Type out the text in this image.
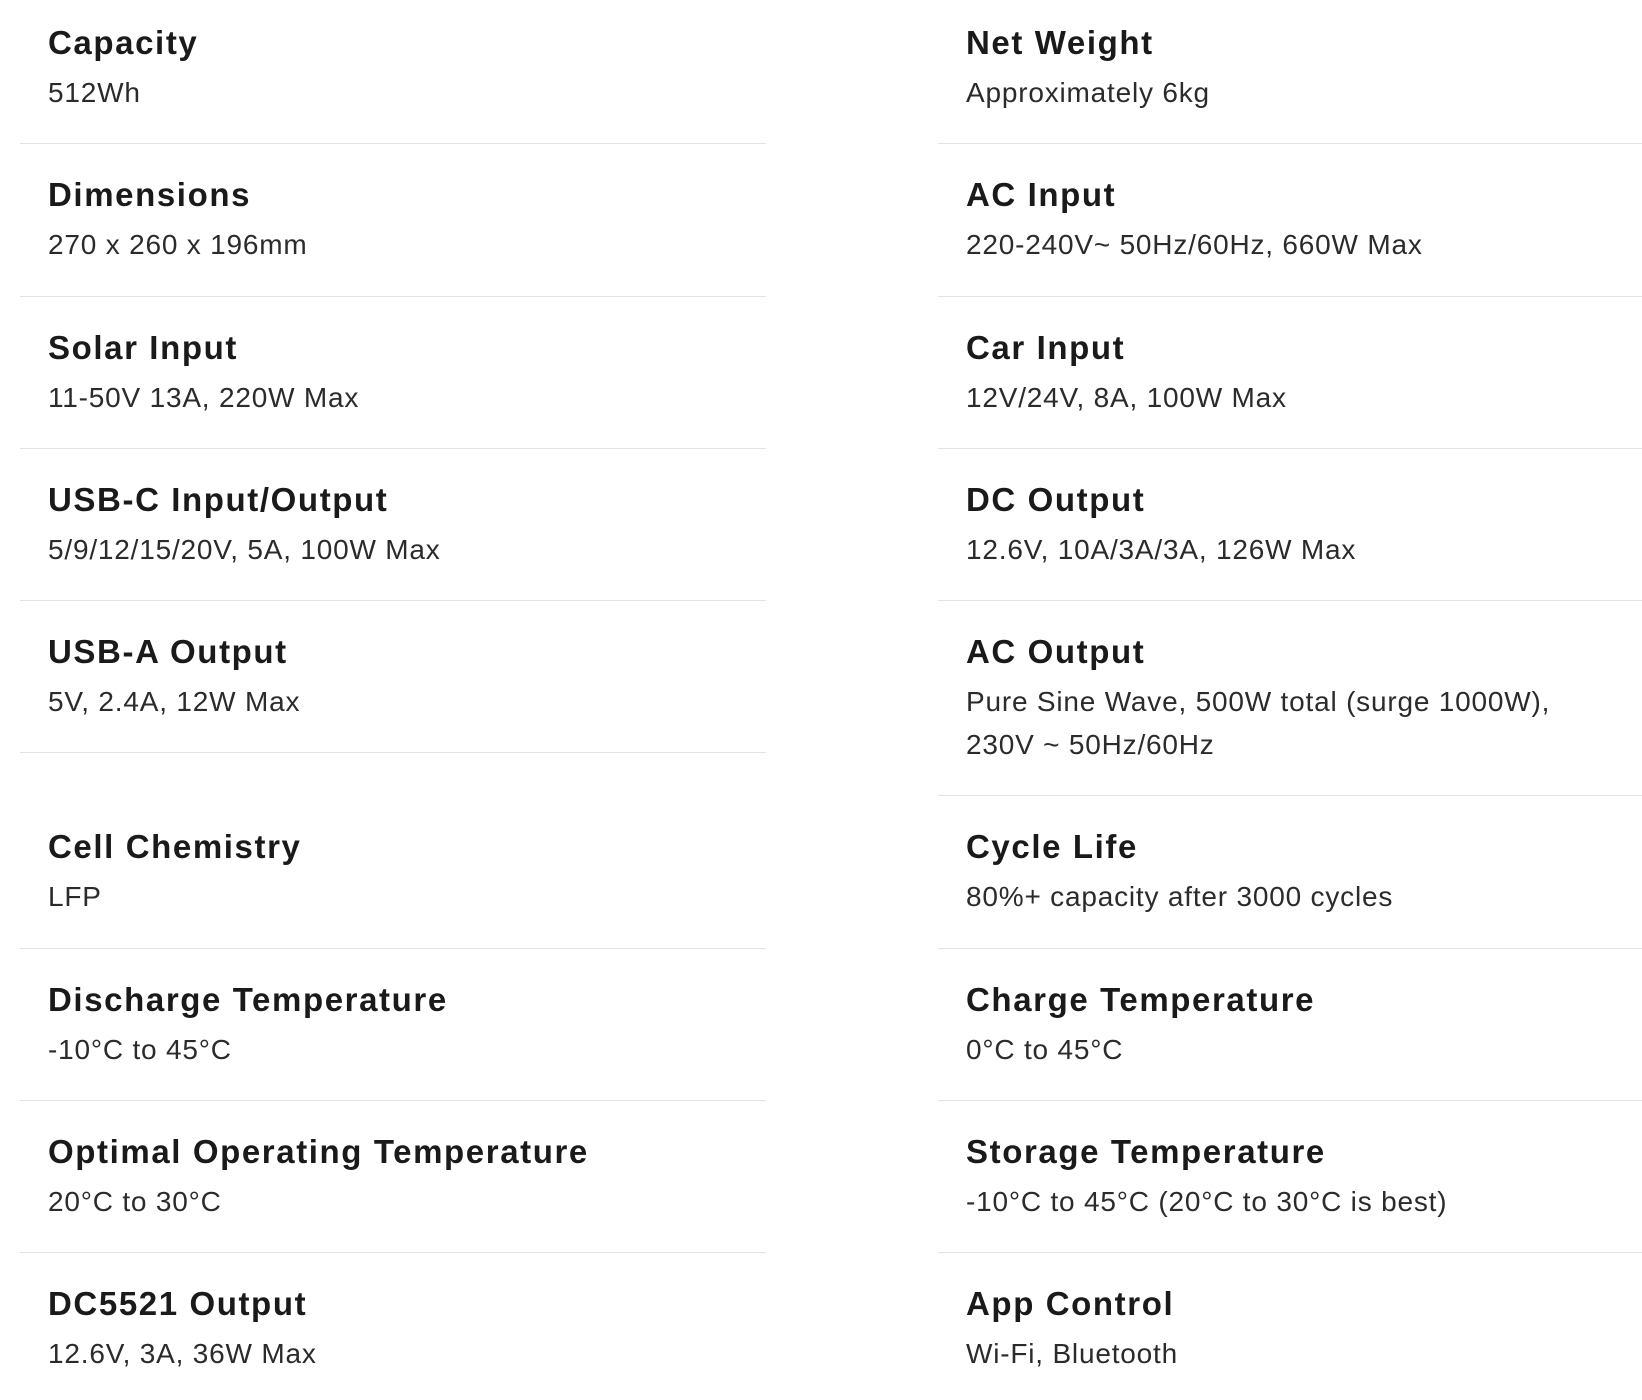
Capacity
512Wh
Dimensions
270 x 260 x 196mm
Solar Input
11-50V 13A, 220W Max
USB-C Input/Output
5/9/12/15/20V, 5A, 100W Max
USB-A Output
5V, 2.4A, 12W Max
Cell Chemistry
LFP
Discharge Temperature
-10°C to 45°C
Optimal Operating Temperature
20°C to 30°C
DC5521 Output
12.6V, 3A, 36W Max
Net Weight
Approximately 6kg
AC Input
220-240V~ 50Hz/60Hz, 660W Max
Car Input
12V/24V, 8A, 100W Max
DC Output
12.6V, 10A/3A/3A, 126W Max
AC Output
Pure Sine Wave, 500W total (surge 1000W),
230V ~ 50Hz/60Hz
Cycle Life
80%+ capacity after 3000 cycles
Charge Temperature
0°C to 45°C
Storage Temperature
-10°C to 45°C (20°C to 30°C is best)
App Control
Wi-Fi, Bluetooth
